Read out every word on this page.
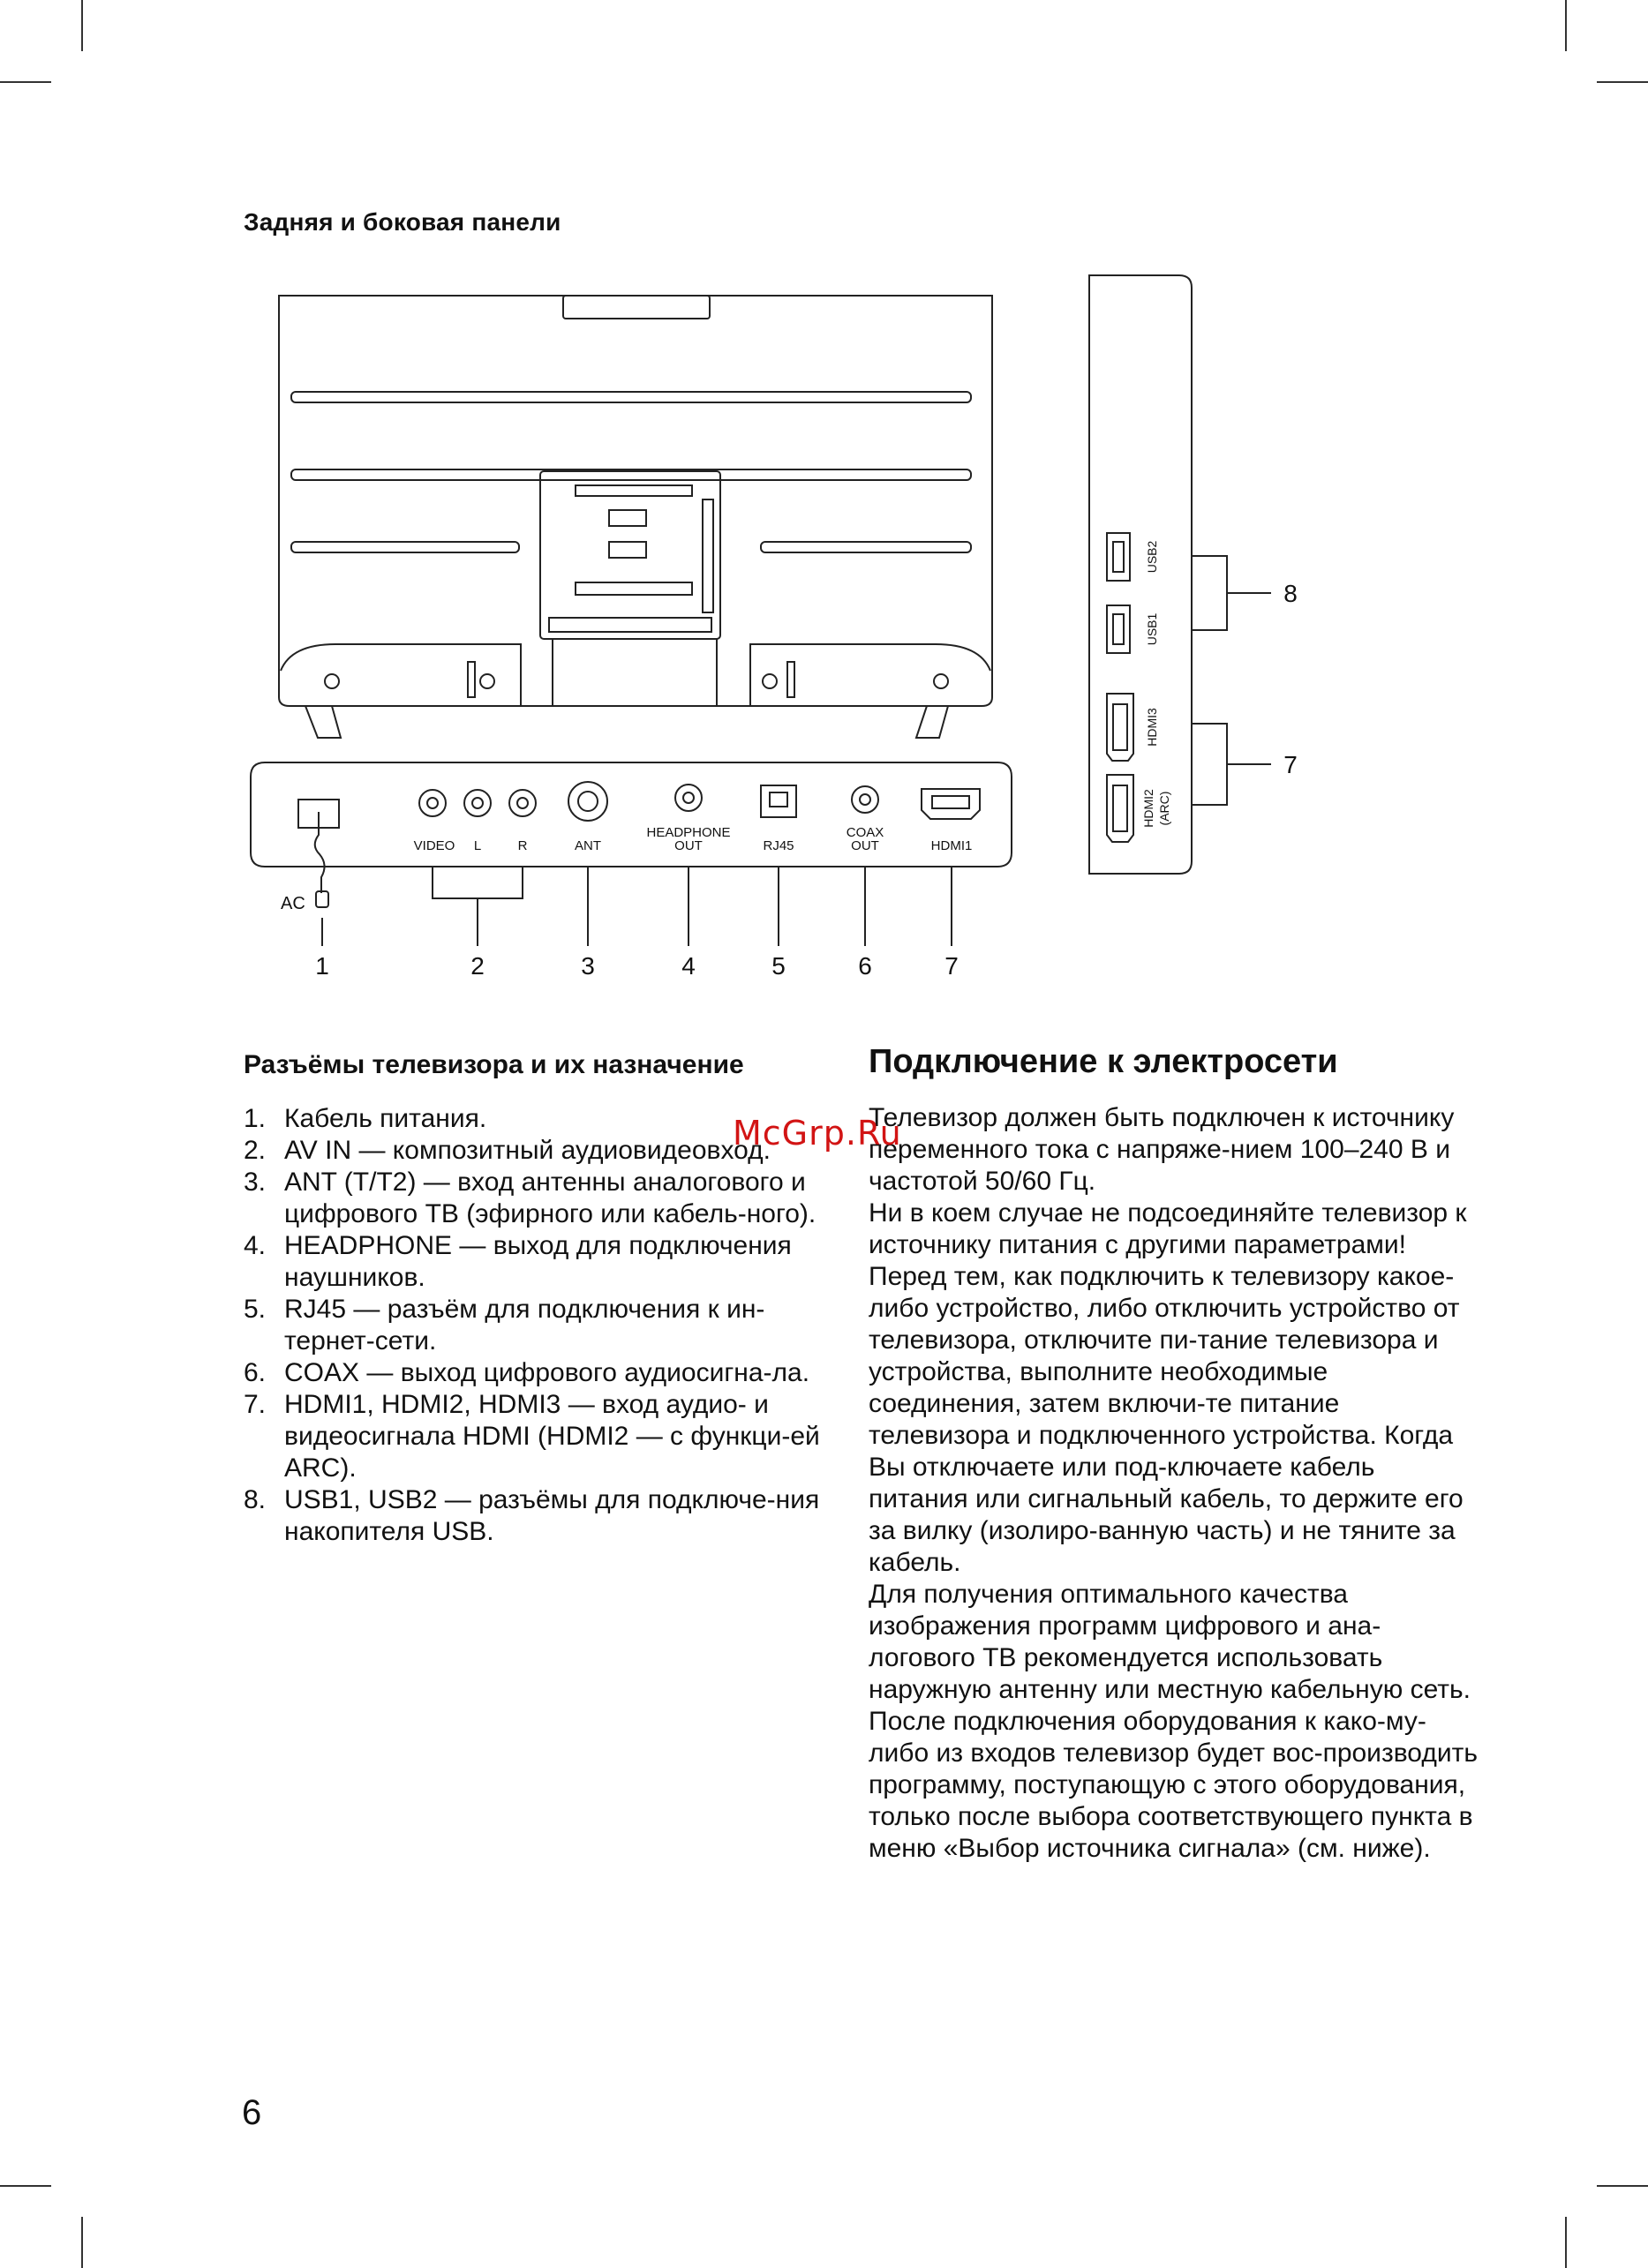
Задняя и боковая панели
VIDEO L	R	ANT
HEADPHONE
OUT	RJ45
COAX
OUT	HDMI1
AC
1	2	3	4	5	6	7
8
7
USB2
USB1
HDMI3
HDMI2 (ARC)
Разъёмы телевизора и их назначение
1. Кабель питания.
2. AV IN — композитный аудиовидеовход.
3. ANT (T/T2) — вход антенны аналогового и цифрового ТВ (эфирного или кабель-ного).
4. HEADPHONE — выход для подключения наушников.
5. RJ45 — разъём для подключения к ин-тернет-сети.
6. COAX — выход цифрового аудиосигна-ла.
7. HDMI1, HDMI2, HDMI3 — вход аудио- и видеосигнала HDMI (HDMI2 — с функци-ей ARC).
8. USB1, USB2 — разъёмы для подключе-ния накопителя USB.
Подключение к электросети

Телевизор должен быть подключен к источнику переменного тока с напряже-нием 100–240 В и частотой 50/60 Гц.

Ни в коем случае не подсоединяйте телевизор к источнику питания с другими параметрами!

Перед тем, как подключить к телевизору какое-либо устройство, либо отключить устройство от телевизора, отключите пи-тание телевизора и устройства, выполните необходимые соединения, затем включи-те питание телевизора и подключенного устройства. Когда Вы отключаете или под-ключаете кабель питания или сигнальный кабель, то держите его за вилку (изолиро-ванную часть) и не тяните за кабель.

Для получения оптимального качества изображения программ цифрового и ана-логового ТВ рекомендуется использовать наружную антенну или местную кабельную сеть.

После подключения оборудования к како-му-либо из входов телевизор будет вос-производить программу, поступающую с этого оборудования, только после выбора соответствующего пункта в меню «Выбор источника сигнала» (см. ниже).

McGrp.Ru
6
